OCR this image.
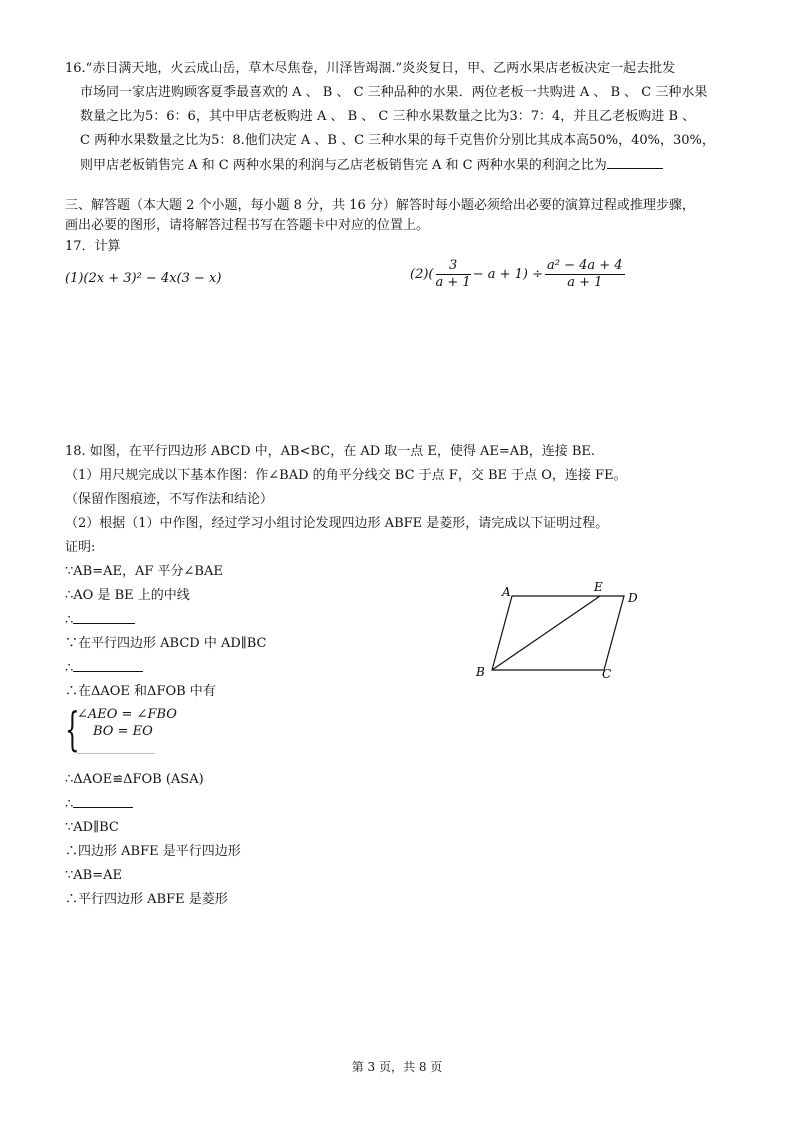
16.“赤日满天地，火云成山岳，草木尽焦卷，川泽皆竭涸.”炎炎复日，甲、乙两水果店老板决定一起去批发
市场同一家店进购顾客夏季最喜欢的 A 、 B 、 C 三种品种的水果．两位老板一共购进 A 、 B 、 C 三种水果
数量之比为5：6：6，其中甲店老板购进 A 、 B 、 C 三种水果数量之比为3：7：4，并且乙老板购进 B 、
C 两种水果数量之比为5：8.他们决定 A 、B 、C 三种水果的每千克售价分别比其成本高50%，40%，30%，
则甲店老板销售完 A 和 C 两种水果的利润与乙店老板销售完 A 和 C 两种水果的利润之比为
三、解答题（本大题 2 个小题，每小题 8 分，共 16 分）解答时每小题必须给出必要的演算过程或推理步骤，
画出必要的图形，请将解答过程书写在答题卡中对应的位置上。
17．计算
(1)(2x + 3)² − 4x(3 − x)	$(2)( \frac{3}{a + 1} - a + 1) \div \frac{\text{a² − 4a + 4}}{a + 1}$
18. 如图，在平行四边形 ABCD 中，AB<BC，在 AD 取一点 E，使得 AE=AB，连接 BE.
（1）用尺规完成以下基本作图：作∠BAD 的角平分线交 BC 于点 F，交 BE 于点 O，连接 FE。
（保留作图痕迹，不写作法和结论）
（2）根据（1）中作图，经过学习小组讨论发现四边形 ABFE 是菱形，请完成以下证明过程。
证明:
∵AB=AE，AF 平分∠BAE
∴AO 是 BE 上的中线
∴
∵在平行四边形 ABCD 中 AD∥BC
∴
∴在ΔAOE 和ΔFOB 中有
{
∠AEO = ∠FBO
BO = EO
∴ΔAOE≌ΔFOB (ASA)
∴
∵AD∥BC
∴四边形 ABFE 是平行四边形
∵AB=AE
∴平行四边形 ABFE 是菱形
A	E
D
B	C
第 3 页，共 8 页
